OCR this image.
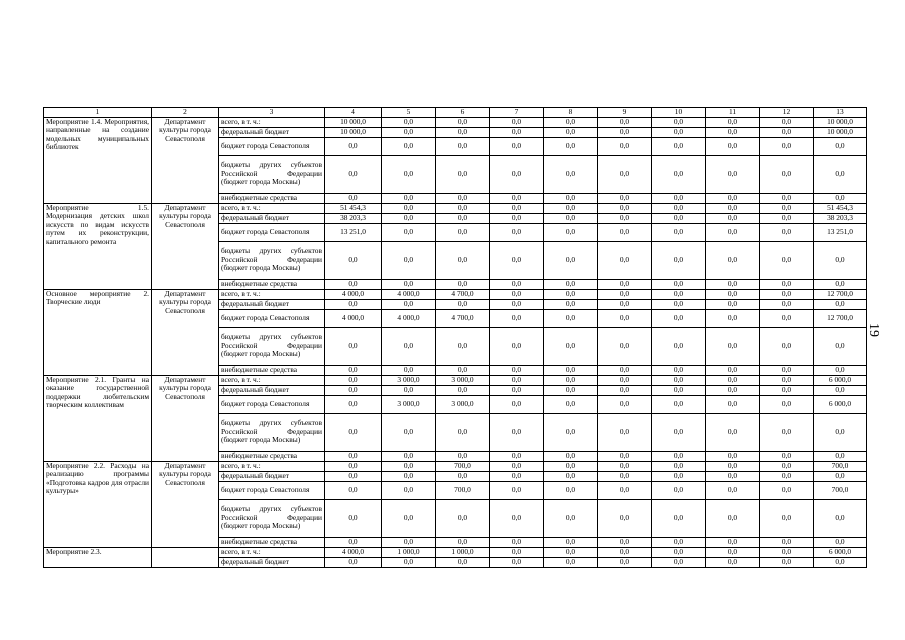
1	2	3	4	5	6	7	8	9	10	11	12	13
Мероприятие 1.4. Мероприятия, направленные на создание модельных муниципальных библиотек	Департамент культуры города Севастополя	всего, в т. ч.:	10 000,0	0,0	0,0	0,0	0,0	0,0	0,0	0,0	0,0	10 000,0
		федеральный бюджет	10 000,0	0,0	0,0	0,0	0,0	0,0	0,0	0,0	0,0	10 000,0
		бюджет города Севастополя	0,0	0,0	0,0	0,0	0,0	0,0	0,0	0,0	0,0	0,0
		бюджеты других субъектов Российской Федерации (бюджет города Москвы)	0,0	0,0	0,0	0,0	0,0	0,0	0,0	0,0	0,0	0,0
		внебюджетные средства	0,0	0,0	0,0	0,0	0,0	0,0	0,0	0,0	0,0	0,0
Мероприятие 1.5. Модернизация детских школ искусств по видам искусств путем их реконструкции, капитального ремонта	Департамент культуры города Севастополя	всего, в т. ч.:	51 454,3	0,0	0,0	0,0	0,0	0,0	0,0	0,0	0,0	51 454,3
		федеральный бюджет	38 203,3	0,0	0,0	0,0	0,0	0,0	0,0	0,0	0,0	38 203,3
		бюджет города Севастополя	13 251,0	0,0	0,0	0,0	0,0	0,0	0,0	0,0	0,0	13 251,0
		бюджеты других субъектов Российской Федерации (бюджет города Москвы)	0,0	0,0	0,0	0,0	0,0	0,0	0,0	0,0	0,0	0,0
		внебюджетные средства	0,0	0,0	0,0	0,0	0,0	0,0	0,0	0,0	0,0	0,0
Основное мероприятие 2. Творческие люди	Департамент культуры города Севастополя	всего, в т. ч.:	4 000,0	4 000,0	4 700,0	0,0	0,0	0,0	0,0	0,0	0,0	12 700,0
		федеральный бюджет	0,0	0,0	0,0	0,0	0,0	0,0	0,0	0,0	0,0	0,0
		бюджет города Севастополя	4 000,0	4 000,0	4 700,0	0,0	0,0	0,0	0,0	0,0	0,0	12 700,0
		бюджеты других субъектов Российской Федерации (бюджет города Москвы)	0,0	0,0	0,0	0,0	0,0	0,0	0,0	0,0	0,0	0,0
		внебюджетные средства	0,0	0,0	0,0	0,0	0,0	0,0	0,0	0,0	0,0	0,0
Мероприятие 2.1. Гранты на оказание государственной поддержки любительским творческим коллективам	Департамент культуры города Севастополя	всего, в т. ч.:	0,0	3 000,0	3 000,0	0,0	0,0	0,0	0,0	0,0	0,0	6 000,0
		федеральный бюджет	0,0	0,0	0,0	0,0	0,0	0,0	0,0	0,0	0,0	0,0
		бюджет города Севастополя	0,0	3 000,0	3 000,0	0,0	0,0	0,0	0,0	0,0	0,0	6 000,0
		бюджеты других субъектов Российской Федерации (бюджет города Москвы)	0,0	0,0	0,0	0,0	0,0	0,0	0,0	0,0	0,0	0,0
		внебюджетные средства	0,0	0,0	0,0	0,0	0,0	0,0	0,0	0,0	0,0	0,0
Мероприятие 2.2. Расходы на реализацию программы «Подготовка кадров для отрасли культуры»	Департамент культуры города Севастополя	всего, в т. ч.:	0,0	0,0	700,0	0,0	0,0	0,0	0,0	0,0	0,0	700,0
		федеральный бюджет	0,0	0,0	0,0	0,0	0,0	0,0	0,0	0,0	0,0	0,0
		бюджет города Севастополя	0,0	0,0	700,0	0,0	0,0	0,0	0,0	0,0	0,0	700,0
		бюджеты других субъектов Российской Федерации (бюджет города Москвы)	0,0	0,0	0,0	0,0	0,0	0,0	0,0	0,0	0,0	0,0
		внебюджетные средства	0,0	0,0	0,0	0,0	0,0	0,0	0,0	0,0	0,0	0,0
Мероприятие 2.3.		всего, в т. ч.:	4 000,0	1 000,0	1 000,0	0,0	0,0	0,0	0,0	0,0	0,0	6 000,0
		федеральный бюджет	0,0	0,0	0,0	0,0	0,0	0,0	0,0	0,0	0,0	0,0
19
